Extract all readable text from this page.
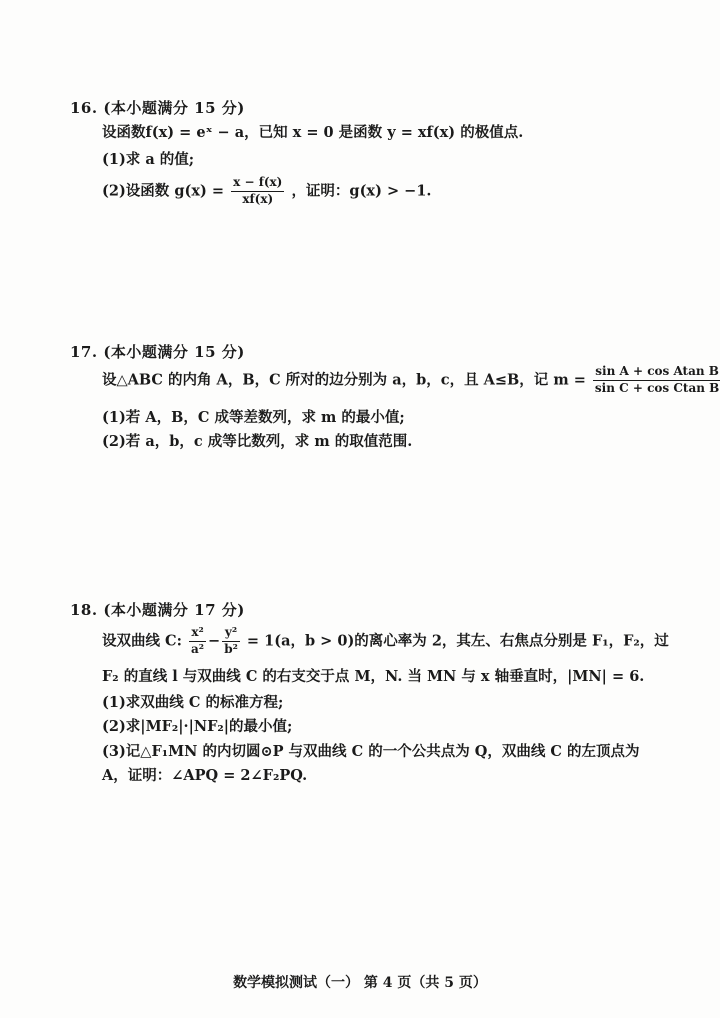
16. (本小题满分 15 分)
设函数f(x) = eˣ − a，已知 x = 0 是函数 y = xf(x) 的极值点.
(1)求 a 的值;
(2)设函数 $g(x) = \frac{x - f(x)}{xf(x)}$ ，证明：g(x) > −1.
17. (本小题满分 15 分)
设△ABC 的内角 A，B，C 所对的边分别为 a，b，c，且 A≤B，记 $m = \frac{\text{sin A + cos Atan B}}{\text{sin C + cos Ctan B}}$
(1)若 A，B，C 成等差数列，求 m 的最小值;
(2)若 a，b，c 成等比数列，求 m 的取值范围.
18. (本小题满分 17 分)
设双曲线 C: $\frac{\text{x²}}{\text{a²}} - \frac{\text{y²}}{\text{b²}} = 1(a$，b > 0)的离心率为 2，其左、右焦点分别是 F₁，F₂，过
F₂ 的直线 l 与双曲线 C 的右支交于点 M，N. 当 MN 与 x 轴垂直时，|MN| = 6.
(1)求双曲线 C 的标准方程;
(2)求|MF₂|·|NF₂|的最小值;
(3)记△F₁MN 的内切圆⊙P 与双曲线 C 的一个公共点为 Q，双曲线 C 的左顶点为
A，证明：∠APQ = 2∠F₂PQ.
数学模拟测试（一） 第 4 页（共 5 页）
